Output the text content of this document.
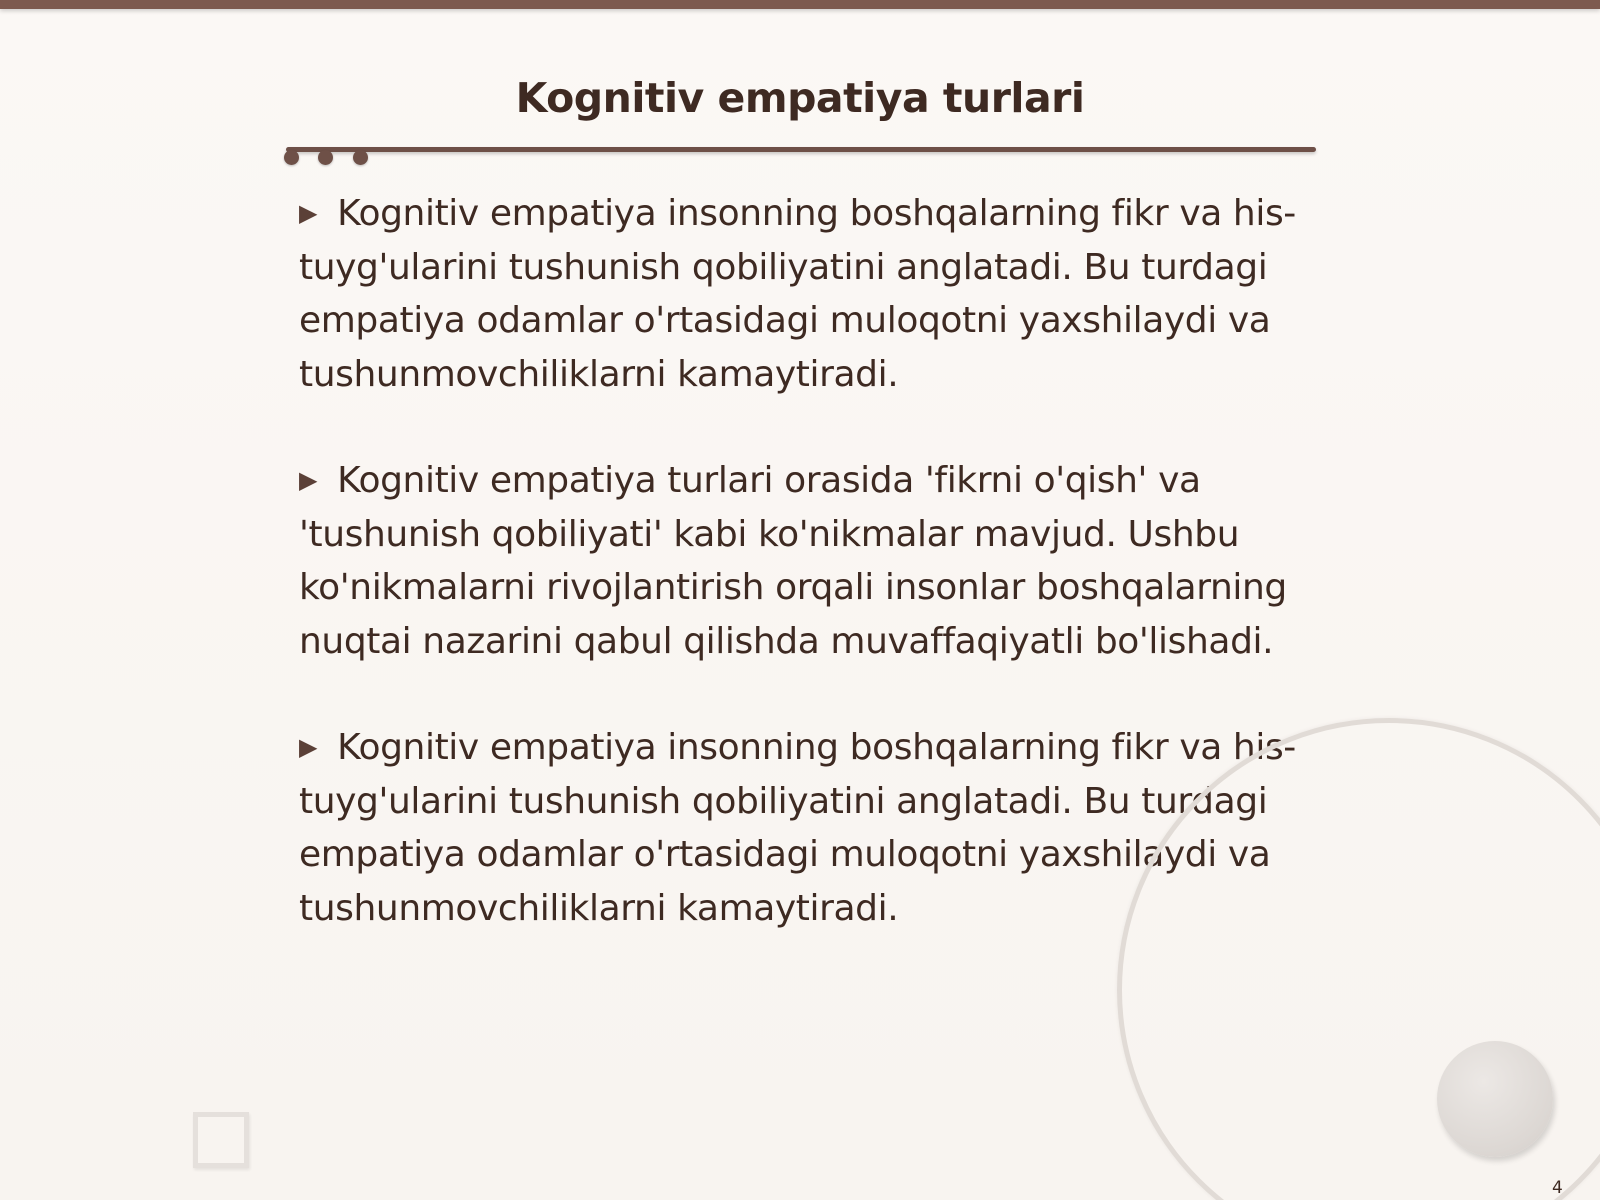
Kognitiv empatiya turlari

▶ Kognitiv empatiya insonning boshqalarning fikr va his-tuyg'ularini tushunish qobiliyatini anglatadi. Bu turdagi empatiya odamlar o'rtasidagi muloqotni yaxshilaydi va tushunmovchiliklarni kamaytiradi.

▶ Kognitiv empatiya turlari orasida 'fikrni o'qish' va 'tushunish qobiliyati' kabi ko'nikmalar mavjud. Ushbu ko'nikmalarni rivojlantirish orqali insonlar boshqalarning nuqtai nazarini qabul qilishda muvaffaqiyatli bo'lishadi.

▶ Kognitiv empatiya insonning boshqalarning fikr va his-tuyg'ularini tushunish qobiliyatini anglatadi. Bu turdagi empatiya odamlar o'rtasidagi muloqotni yaxshilaydi va tushunmovchiliklarni kamaytiradi.

4
